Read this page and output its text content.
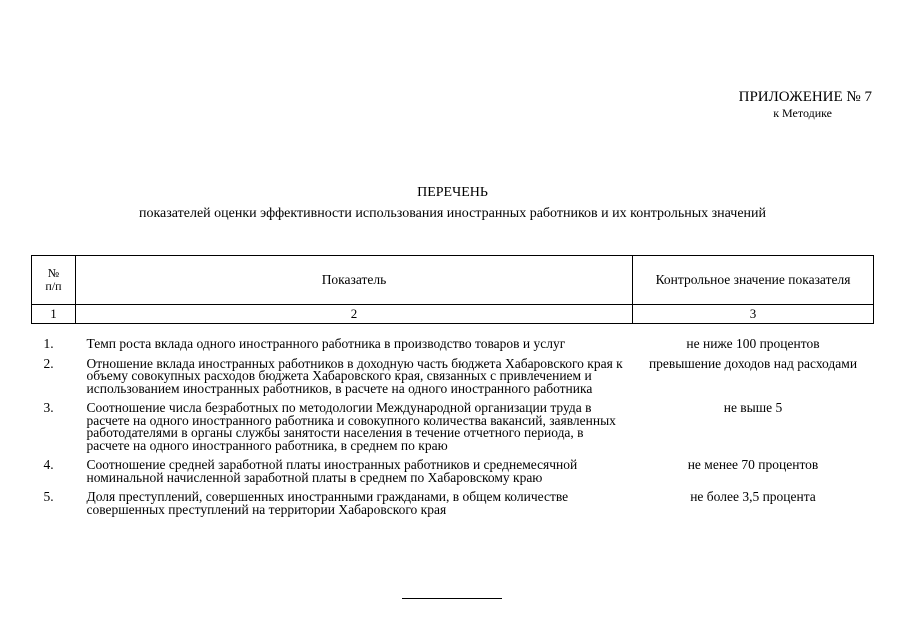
ПРИЛОЖЕНИЕ № 7
к Методике
ПЕРЕЧЕНЬ
показателей оценки эффективности использования иностранных работников и их контрольных значений
№
п/п	Показатель	Контрольное значение показателя
1	2	3
1.	Темп роста вклада одного иностранного работника в производство товаров и услуг	не ниже 100 процентов
2.	Отношение вклада иностранных работников в доходную часть бюджета Хабаровского края к объему совокупных расходов бюджета Хабаровского края, связанных с привлечением и использованием иностранных работников, в расчете на одного иностранного работника	превышение доходов над расходами
3.	Соотношение числа безработных по методологии Международной организации труда в расчете на одного иностранного работника и совокупного количества вакансий, заявленных работодателями в органы службы занятости населения в течение отчетного периода, в расчете на одного иностранного работника, в среднем по краю	не выше 5
4.	Соотношение средней заработной платы иностранных работников и среднемесячной номинальной начисленной заработной платы в среднем по Хабаровскому краю	не менее 70 процентов
5.	Доля преступлений, совершенных иностранными гражданами, в общем количестве совершенных преступлений на территории Хабаровского края	не более 3,5 процента
